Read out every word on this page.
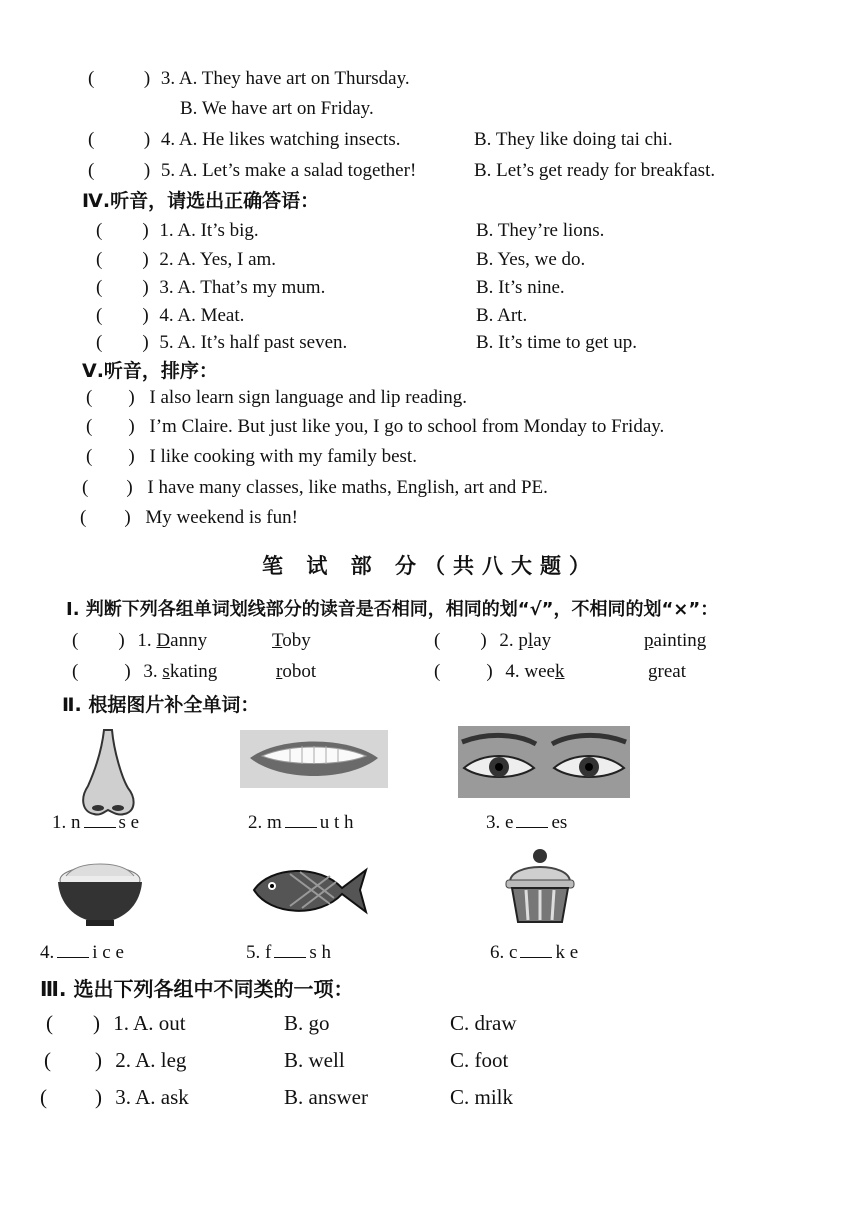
(	) 3. A. They have art on Thursday.
B. We have art on Friday.
(	) 4. A. He likes watching insects.	B. They like doing tai chi.
(	) 5. A. Let’s make a salad together!	B. Let’s get ready for breakfast.
Ⅳ.听音，请选出正确答语：
( ) 1. A. It’s big.	B. They’re lions.
( ) 2. A. Yes, I am.	B. Yes, we do.
( ) 3. A. That’s my mum.	B. It’s nine.
( ) 4. A. Meat.	B. Art.
( ) 5. A. It’s half past seven.	B. It’s time to get up.
Ⅴ.听音，排序：
( ) I also learn sign language and lip reading.
( ) I’m Claire. But just like you, I go to school from Monday to Friday.
( ) I like cooking with my family best.
( ) I have many classes, like maths, English, art and PE.
( ) My weekend is fun!
笔 试 部 分（共八大题）
Ⅰ. 判断下列各组单词划线部分的读音是否相同，相同的划“√”，不相同的划“×”：
( ) 1. Danny	Toby	( ) 2. play	painting
( ) 3. skating	robot	( ) 4. week	great
Ⅱ. 根据图片补全单词：
1. n s e	2. m u t h	3. e es
4. i c e	5. f s h	6. c k e
Ⅲ. 选出下列各组中不同类的一项：
( ) 1. A. out	B. go	C. draw
( ) 2. A. leg	B. well	C. foot
( ) 3. A. ask	B. answer	C. milk
